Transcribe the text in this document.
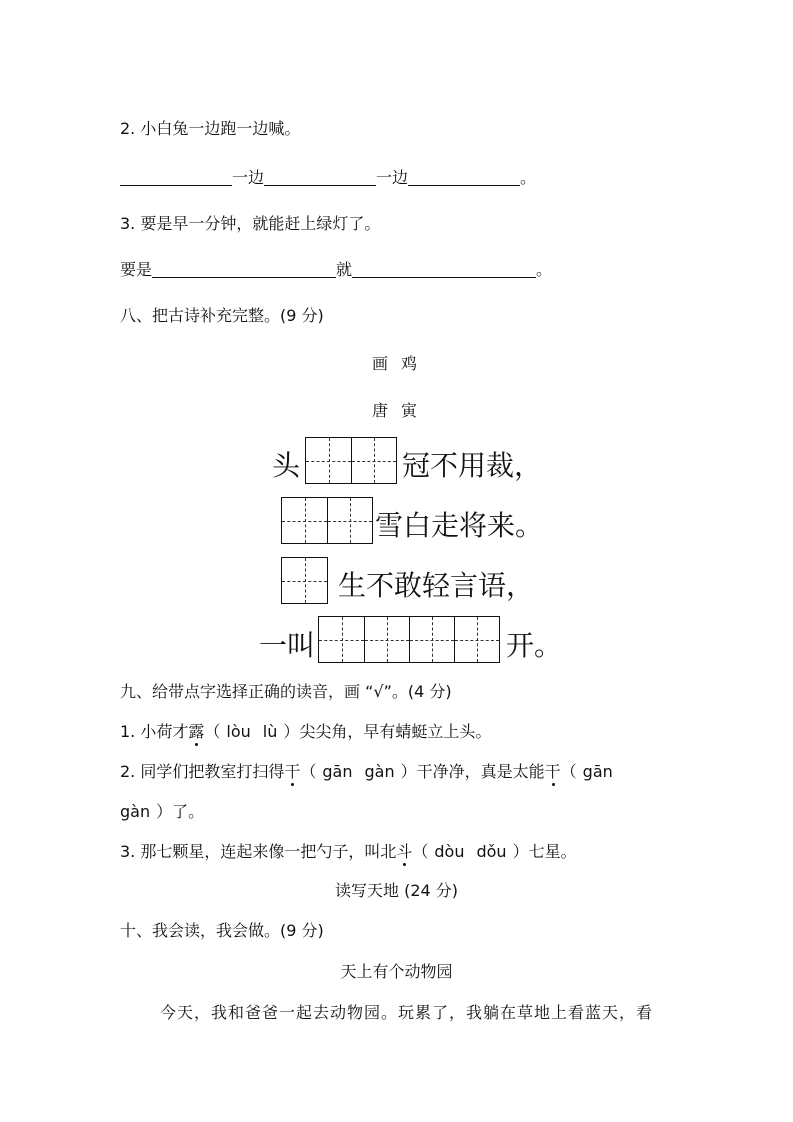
2. 小白兔一边跑一边喊。
一边	一边	。
3. 要是早一分钟，就能赶上绿灯了。
要是	就	。
八、把古诗补充完整。(9 分)
画 鸡
唐 寅
头	冠不用裁，
雪白走将来。
生不敢轻言语，
一叫	开。
九、给带点字选择正确的读音，画 “√”。(4 分)
1. 小荷才露（ lòu lù ）尖尖角，早有蜻蜓立上头。
2. 同学们把教室打扫得干（ gān gàn ）干净净，真是太能干（ gān
gàn ）了。
3. 那七颗星，连起来像一把勺子，叫北斗（ dòu dǒu ）七星。
读写天地 (24 分)
十、我会读，我会做。(9 分)
天上有个动物园
今天，我和爸爸一起去动物园。玩累了，我躺在草地上看蓝天，看
